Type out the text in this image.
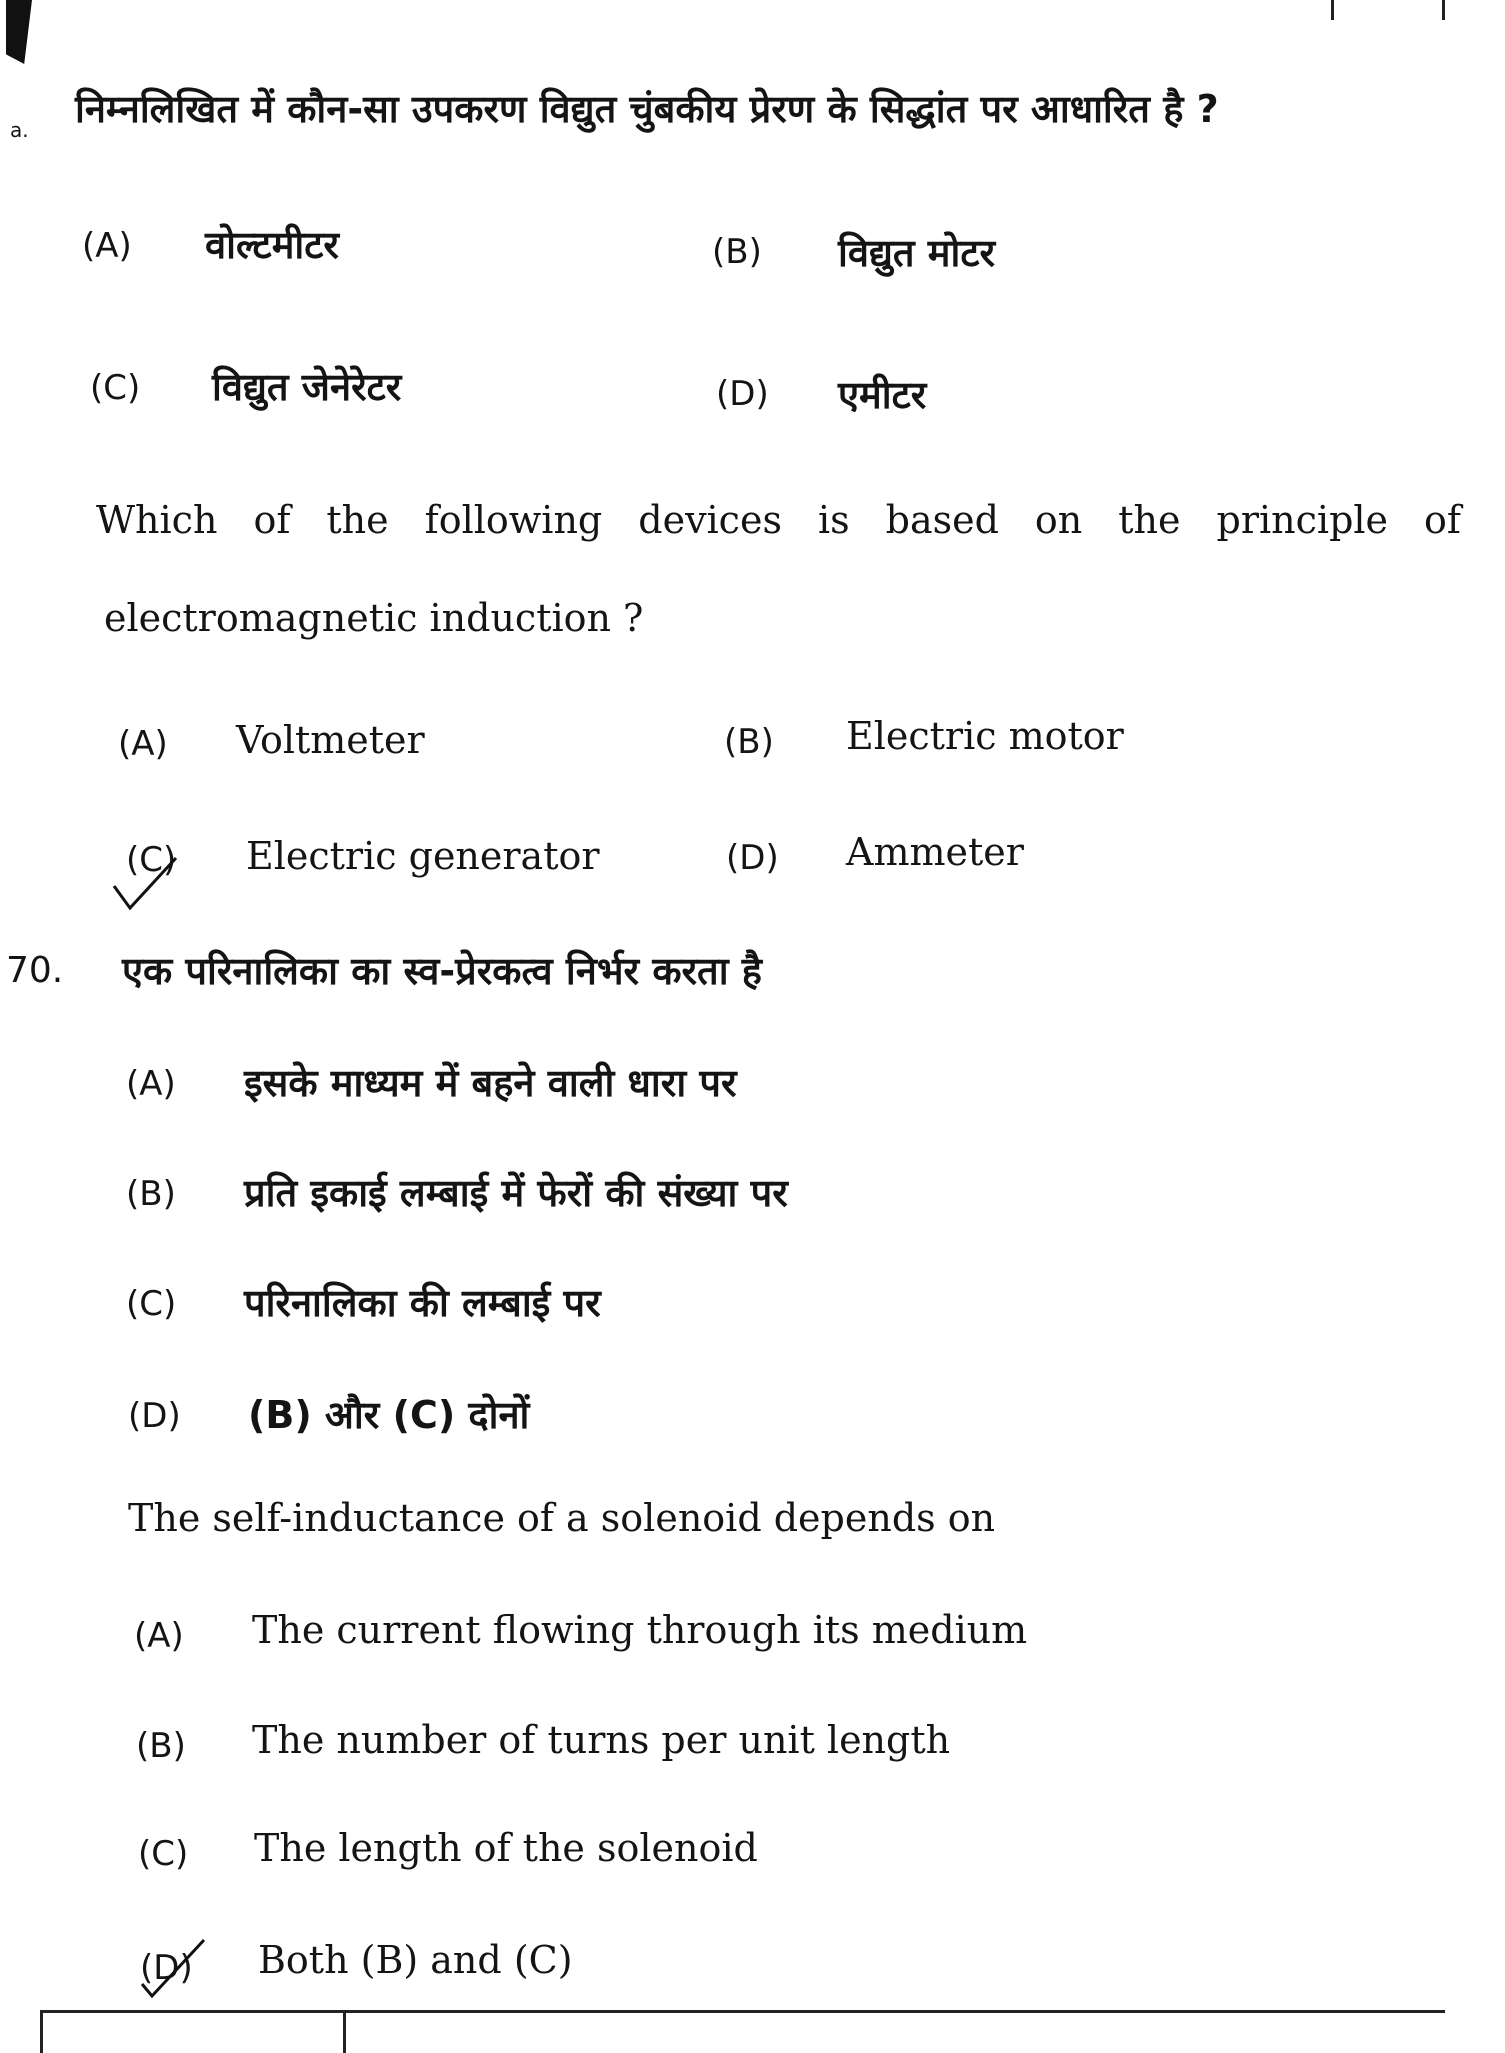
a. निम्नलिखित में कौन-सा उपकरण विद्युत चुंबकीय प्रेरण के सिद्धांत पर आधारित है ?
(A) वोल्टमीटर	(B) विद्युत मोटर
(C) विद्युत जेनेरेटर	(D) एमीटर
Which of the following devices is based on the principle of
electromagnetic induction ?
(A) Voltmeter	(B) Electric motor
(C) Electric generator	(D) Ammeter
70. एक परिनालिका का स्व-प्रेरकत्व निर्भर करता है
(A) इसके माध्यम में बहने वाली धारा पर
(B) प्रति इकाई लम्बाई में फेरों की संख्या पर
(C) परिनालिका की लम्बाई पर
(D) (B) और (C) दोनों
The self-inductance of a solenoid depends on
(A) The current flowing through its medium
(B) The number of turns per unit length
(C) The length of the solenoid
(D) Both (B) and (C)
